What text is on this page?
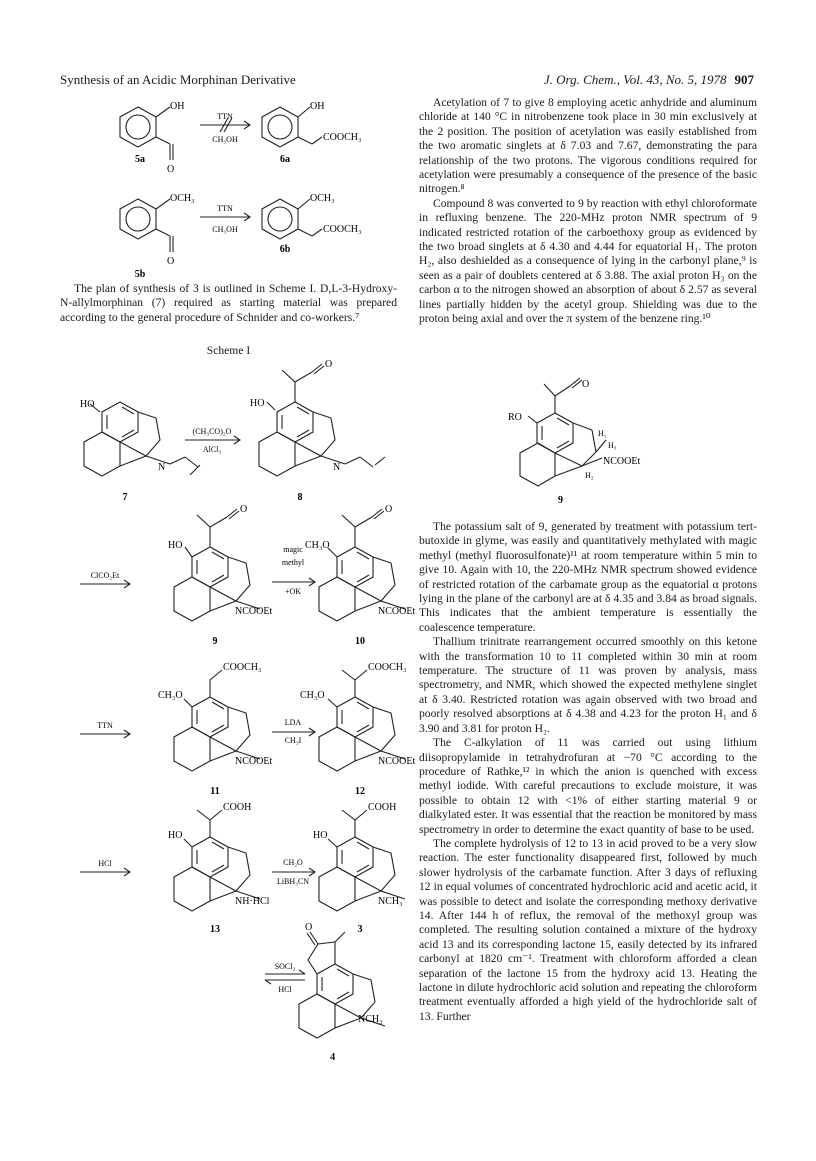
Synthesis of an Acidic Morphinan Derivative	J. Org. Chem., Vol. 43, No. 5, 1978 907
OH
O
TTN
CH₃OH
OH
COOCH₃
5a	6a
OCH₃
O
TTN
CH₃OH
OCH₃
COOCH₃
5b
6b

The plan of synthesis of 3 is outlined in Scheme I. D,L-3-Hydroxy-N-allylmorphinan (7) required as starting material was prepared according to the general procedure of Schnider and co-workers.⁷

Scheme I
HO
N
(CH₃CO)₂O
AlCl₃
HO
O
N
7	8
HO
O
ClCO₂Et
NCOOEt
magic
methyl
+OK
CH₃O
O
NCOOEt
9	10
CH₃O
COOCH₃
TTN
NCOOEt
LDA
CH₃I
CH₃O
COOCH₃
NCOOEt
11	12
HO
COOH
HCl
NH·HCl
CH₂O
LiBH₃CN
HO
COOH
NCH₃
13	3
O
SOCl₂
HCl
NCH₃
4

Acetylation of 7 to give 8 employing acetic anhydride and aluminum chloride at 140 °C in nitrobenzene took place in 30 min exclusively at the 2 position. The position of acetylation was easily established from the two aromatic singlets at δ 7.03 and 7.67, demonstrating the para relationship of the two protons. The vigorous conditions required for acetylation were presumably a consequence of the presence of the basic nitrogen.⁸

Compound 8 was converted to 9 by reaction with ethyl chloroformate in refluxing benzene. The 220-MHz proton NMR spectrum of 9 indicated restricted rotation of the carboethoxy group as evidenced by the two broad singlets at δ 4.30 and 4.44 for equatorial H₁. The proton H₂, also deshielded as a consequence of lying in the carbonyl plane,⁹ is seen as a pair of doublets centered at δ 3.88. The axial proton H₃ on the carbon α to the nitrogen showed an absorption of about δ 2.57 as several lines partially hidden by the acetyl group. Shielding was due to the proton being axial and over the π system of the benzene ring.¹⁰

RO
O
H₁
H₃
NCOOEt
H₂
9

The potassium salt of 9, generated by treatment with potassium tert-butoxide in glyme, was easily and quantitatively methylated with magic methyl (methyl fluorosulfonate)¹¹ at room temperature within 5 min to give 10. Again with 10, the 220-MHz NMR spectrum showed evidence of restricted rotation of the carbamate group as the equatorial α protons lying in the plane of the carbonyl are at δ 4.35 and 3.84 as broad signals. This indicates that the ambient temperature is essentially the coalescence temperature.

Thallium trinitrate rearrangement occurred smoothly on this ketone with the transformation 10 to 11 completed within 30 min at room temperature. The structure of 11 was proven by analysis, mass spectrometry, and NMR, which showed the expected methylene singlet at δ 3.40. Restricted rotation was again observed with two broad and poorly resolved absorptions at δ 4.38 and 4.23 for the proton H₁ and δ 3.90 and 3.81 for proton H₂.

The C-alkylation of 11 was carried out using lithium diisopropylamide in tetrahydrofuran at −70 °C according to the procedure of Rathke,¹² in which the anion is quenched with excess methyl iodide. With careful precautions to exclude moisture, it was possible to obtain 12 with <1% of either starting material 9 or dialkylated ester. It was essential that the reaction be monitored by mass spectrometry in order to determine the exact quantity of base to be used.

The complete hydrolysis of 12 to 13 in acid proved to be a very slow reaction. The ester functionality disappeared first, followed by much slower hydrolysis of the carbamate function. After 3 days of refluxing 12 in equal volumes of concentrated hydrochloric acid and acetic acid, it was possible to detect and isolate the corresponding methoxy derivative 14. After 144 h of reflux, the removal of the methoxyl group was completed. The resulting solution contained a mixture of the hydroxy acid 13 and its corresponding lactone 15, easily detected by its infrared carbonyl at 1820 cm⁻¹. Treatment with chloroform afforded a clean separation of the lactone 15 from the hydroxy acid 13. Heating the lactone in dilute hydrochloric acid solution and repeating the chloroform treatment eventually afforded a high yield of the hydrochloride salt of 13. Further
